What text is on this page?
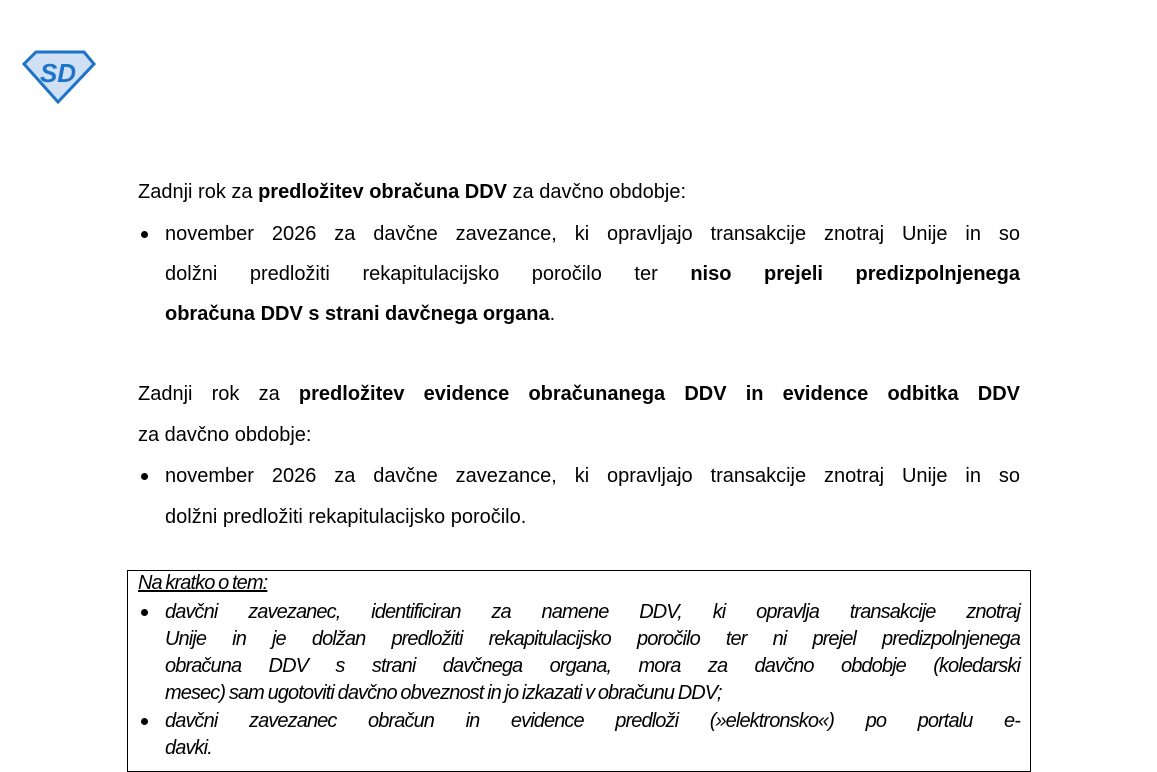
SD
Zadnji rok za predložitev obračuna DDV za davčno obdobje:
november 2026 za davčne zavezance, ki opravljajo transakcije znotraj Unije in so
dolžni predložiti rekapitulacijsko poročilo ter niso prejeli predizpolnjenega
obračuna DDV s strani davčnega organa.
Zadnji rok za predložitev evidence obračunanega DDV in evidence odbitka DDV
za davčno obdobje:
november 2026 za davčne zavezance, ki opravljajo transakcije znotraj Unije in so
dolžni predložiti rekapitulacijsko poročilo.
Na kratko o tem:
davčni zavezanec, identificiran za namene DDV, ki opravlja transakcije znotraj
Unije in je dolžan predložiti rekapitulacijsko poročilo ter ni prejel predizpolnjenega
obračuna DDV s strani davčnega organa, mora za davčno obdobje (koledarski
mesec) sam ugotoviti davčno obveznost in jo izkazati v obračunu DDV;
davčni zavezanec obračun in evidence predloži (»elektronsko«) po portalu e-
davki.
